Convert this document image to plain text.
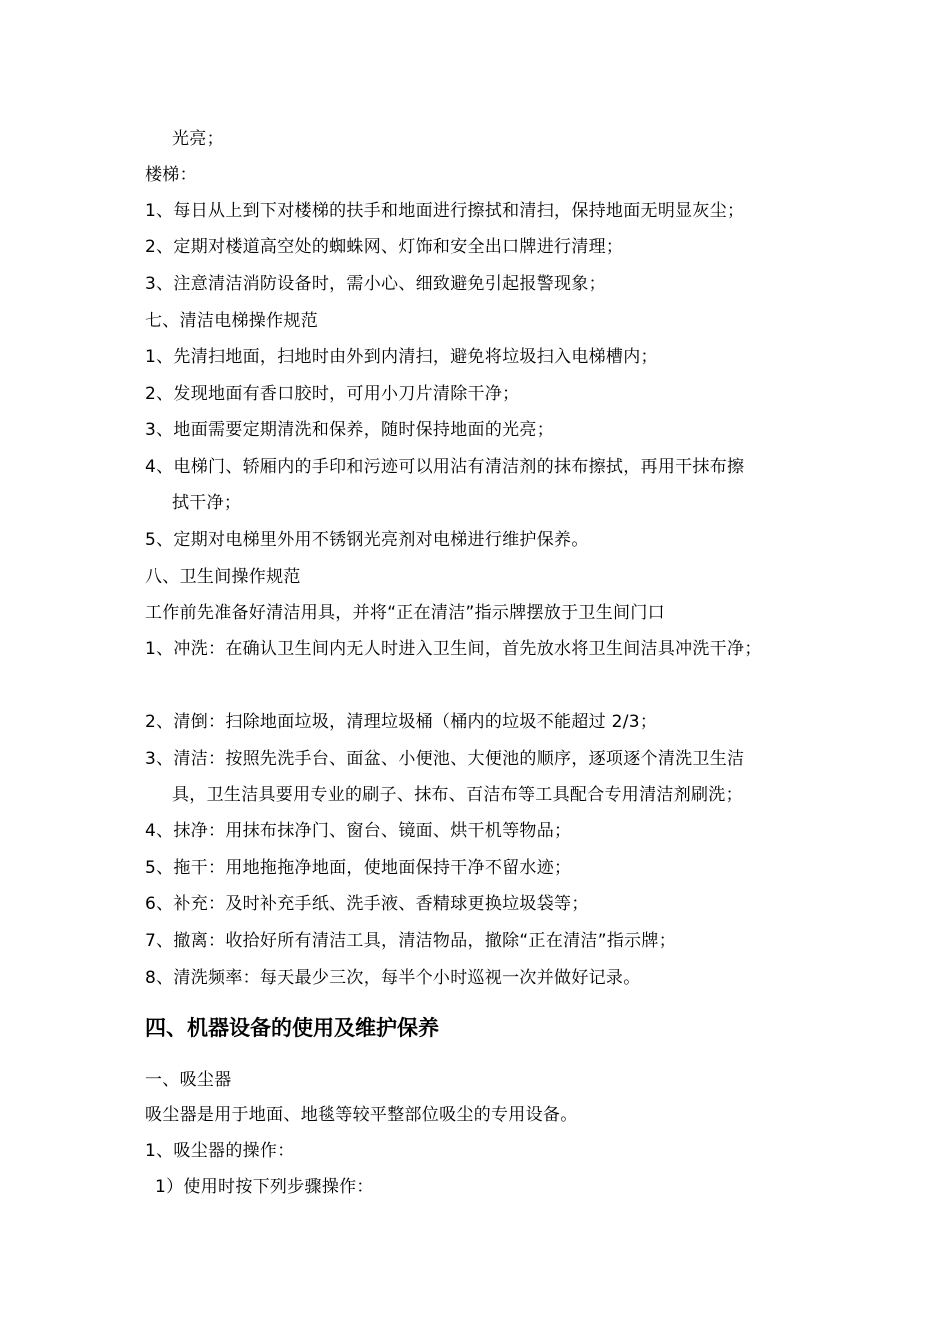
光亮；

楼梯：

1、每日从上到下对楼梯的扶手和地面进行擦拭和清扫，保持地面无明显灰尘；

2、定期对楼道高空处的蜘蛛网、灯饰和安全出口牌进行清理；

3、注意清洁消防设备时，需小心、细致避免引起报警现象；

七、清洁电梯操作规范

1、先清扫地面，扫地时由外到内清扫，避免将垃圾扫入电梯槽内；

2、发现地面有香口胶时，可用小刀片清除干净；

3、地面需要定期清洗和保养，随时保持地面的光亮；

4、电梯门、轿厢内的手印和污迹可以用沾有清洁剂的抹布擦拭，再用干抹布擦

拭干净；

5、定期对电梯里外用不锈钢光亮剂对电梯进行维护保养。

八、卫生间操作规范

工作前先准备好清洁用具，并将“正在清洁”指示牌摆放于卫生间门口

1、冲洗：在确认卫生间内无人时进入卫生间，首先放水将卫生间洁具冲洗干净；

2、清倒：扫除地面垃圾，清理垃圾桶（桶内的垃圾不能超过 2/3；

3、清洁：按照先洗手台、面盆、小便池、大便池的顺序，逐项逐个清洗卫生洁

具，卫生洁具要用专业的刷子、抹布、百洁布等工具配合专用清洁剂刷洗；

4、抹净：用抹布抹净门、窗台、镜面、烘干机等物品；

5、拖干：用地拖拖净地面，使地面保持干净不留水迹；

6、补充：及时补充手纸、洗手液、香精球更换垃圾袋等；

7、撤离：收拾好所有清洁工具，清洁物品，撤除“正在清洁”指示牌；

8、清洗频率：每天最少三次，每半个小时巡视一次并做好记录。

四、机器设备的使用及维护保养

一、吸尘器

吸尘器是用于地面、地毯等较平整部位吸尘的专用设备。

1、吸尘器的操作：

1）使用时按下列步骤操作：
